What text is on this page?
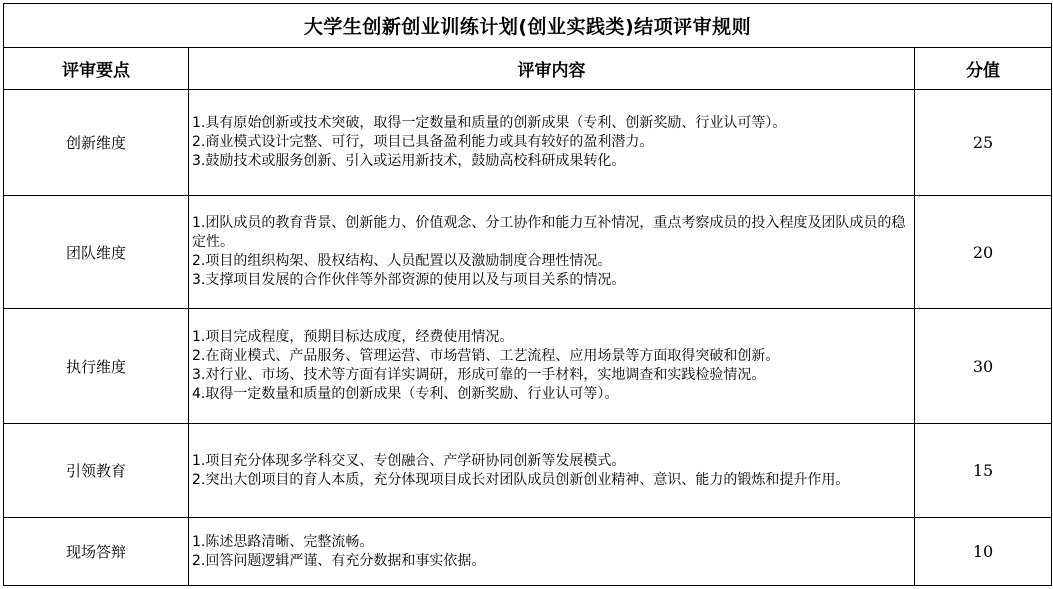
大学生创新创业训练计划(创业实践类)结项评审规则		
评审要点	评审内容	分值
创新维度	1.具有原始创新或技术突破，取得一定数量和质量的创新成果（专利、创新奖励、行业认可等）。
2.商业模式设计完整、可行，项目已具备盈利能力或具有较好的盈利潜力。
3.鼓励技术或服务创新、引入或运用新技术，鼓励高校科研成果转化。	25
团队维度	1.团队成员的教育背景、创新能力、价值观念、分工协作和能力互补情况，重点考察成员的投入程度及团队成员的稳定性。
2.项目的组织构架、股权结构、人员配置以及激励制度合理性情况。
3.支撑项目发展的合作伙伴等外部资源的使用以及与项目关系的情况。	20
执行维度	1.项目完成程度，预期目标达成度，经费使用情况。
2.在商业模式、产品服务、管理运营、市场营销、工艺流程、应用场景等方面取得突破和创新。
3.对行业、市场、技术等方面有详实调研，形成可靠的一手材料，实地调查和实践检验情况。
4.取得一定数量和质量的创新成果（专利、创新奖励、行业认可等）。	30
引领教育	1.项目充分体现多学科交叉、专创融合、产学研协同创新等发展模式。
2.突出大创项目的育人本质，充分体现项目成长对团队成员创新创业精神、意识、能力的锻炼和提升作用。	15
现场答辩	1.陈述思路清晰、完整流畅。
2.回答问题逻辑严谨、有充分数据和事实依据。	10
